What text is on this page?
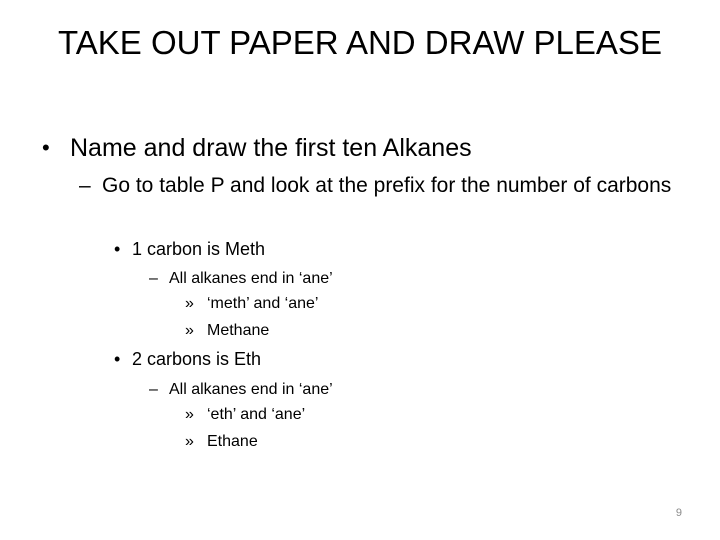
TAKE OUT PAPER AND DRAW PLEASE
• Name and draw the first ten Alkanes
– Go to table P and look at the prefix for the number of carbons
• 1 carbon is Meth
– All alkanes end in ‘ane’
» ‘meth’ and ‘ane’
» Methane
• 2 carbons is Eth
– All alkanes end in ‘ane’
» ‘eth’ and ‘ane’
» Ethane
9
